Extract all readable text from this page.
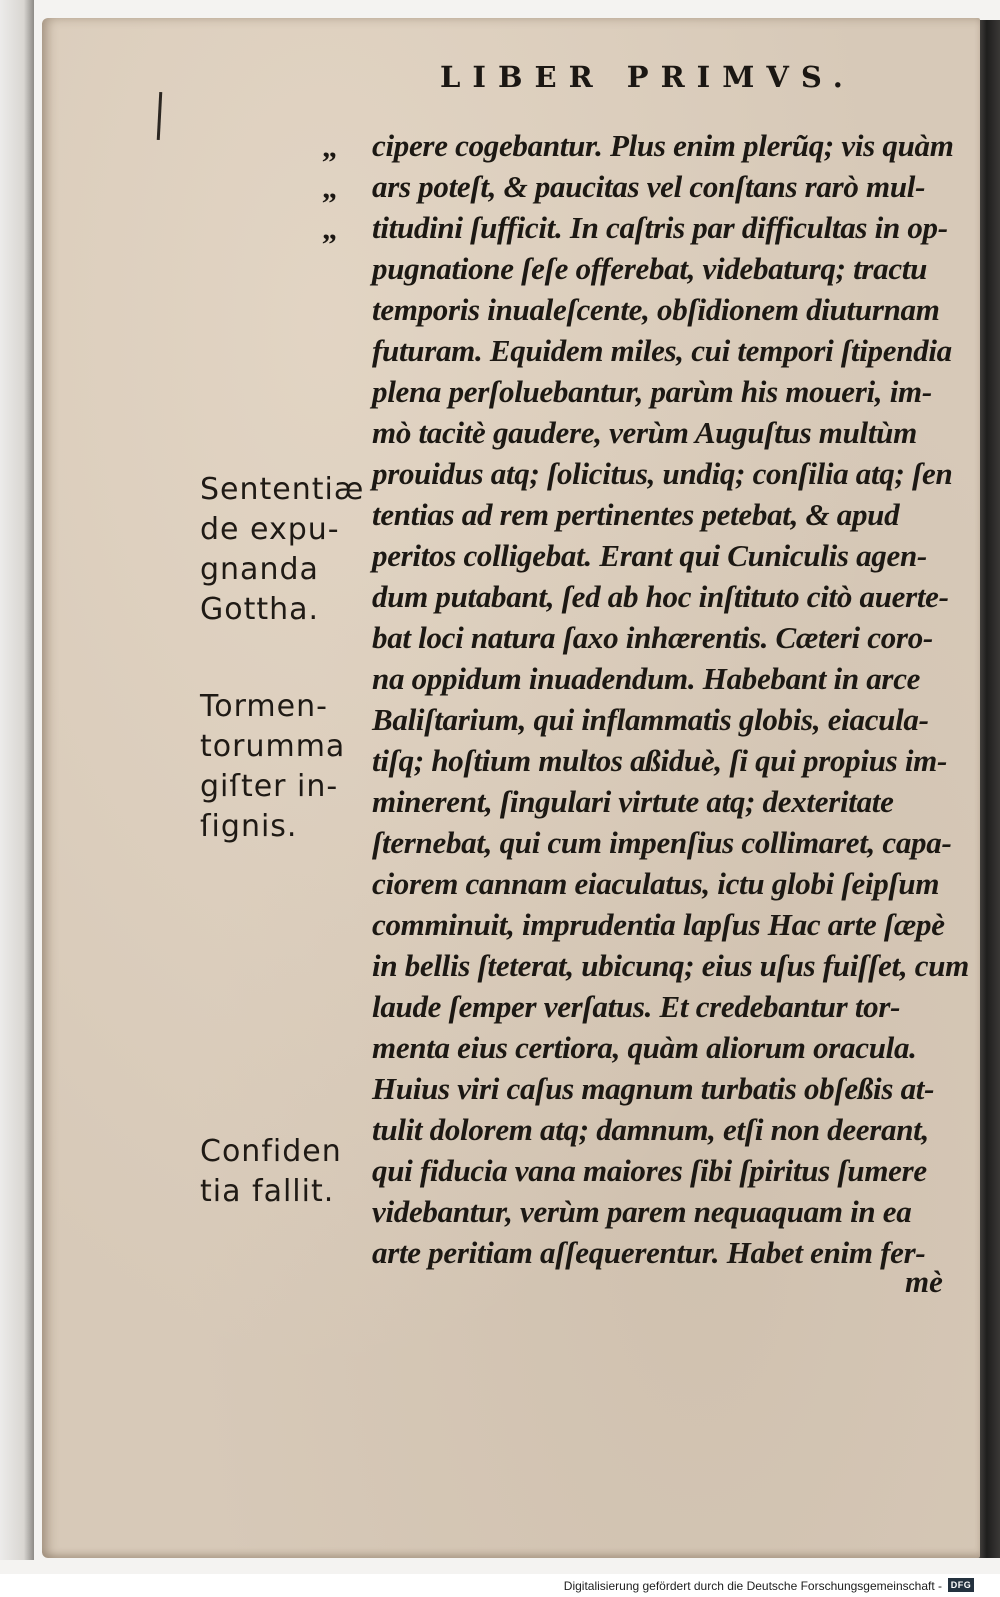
LIBER PRIMVS.
„
„
„
cipere cogebantur. Plus enim plerũq; vis quàm
ars poteſt, & paucitas vel conſtans rarò mul-
titudini ſufficit. In caſtris par difficultas in op-
pugnatione ſeſe offerebat, videbaturq; tractu
temporis inualeſcente, obſidionem diuturnam
futuram. Equidem miles, cui tempori ſtipendia
plena perſoluebantur, parùm his moueri, im-
mò tacitè gaudere, verùm Auguſtus multùm
prouidus atq; ſolicitus, undiq; conſilia atq; ſen
tentias ad rem pertinentes petebat, & apud
peritos colligebat. Erant qui Cuniculis agen-
dum putabant, ſed ab hoc inſtituto citò auerte-
bat loci natura ſaxo inhærentis. Cæteri coro-
na oppidum inuadendum. Habebant in arce
Baliſtarium, qui inflammatis globis, eiacula-
tiſq; hoſtium multos aßiduè, ſi qui propius im-
minerent, ſingulari virtute atq; dexteritate
ſternebat, qui cum impenſius collimaret, capa-
ciorem cannam eiaculatus, ictu globi ſeipſum
comminuit, imprudentia lapſus Hac arte ſæpè
in bellis ſteterat, ubicunq; eius uſus fuiſſet, cum
laude ſemper verſatus. Et credebantur tor-
menta eius certiora, quàm aliorum oracula.
Huius viri caſus magnum turbatis obſeßis at-
tulit dolorem atq; damnum, etſi non deerant,
qui fiducia vana maiores ſibi ſpiritus ſumere
videbantur, verùm parem nequaquam in ea
arte peritiam aſſequerentur. Habet enim fer-
Sententiæ
de expu-
gnanda
Gottha.
Tormen-
torumma
giſter in-
ſignis.
Confiden
tia fallit.
mè
Digitalisierung gefördert durch die Deutsche Forschungsgemeinschaft - DFG
